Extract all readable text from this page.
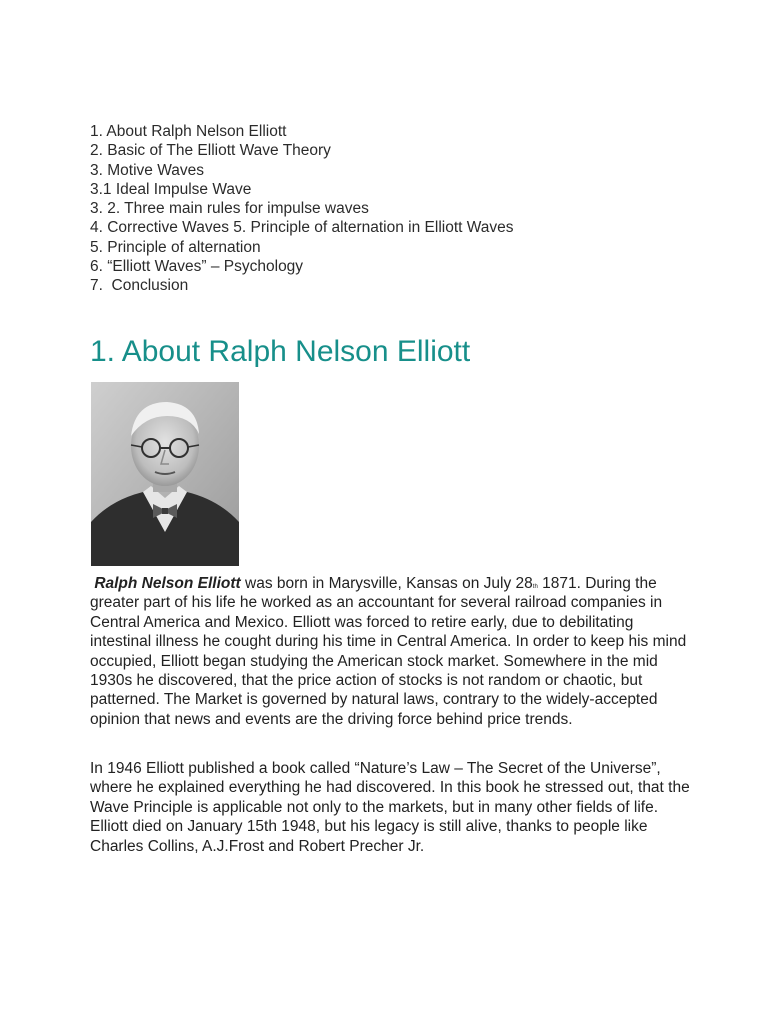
1. About Ralph Nelson Elliott
2. Basic of The Elliott Wave Theory
3. Motive Waves
3.1 Ideal Impulse Wave
3. 2. Three main rules for impulse waves
4. Corrective Waves 5. Principle of alternation in Elliott Waves
5. Principle of alternation
6. “Elliott Waves” – Psychology
7.  Conclusion
1. About Ralph Nelson Elliott

Ralph Nelson Elliott was born in Marysville, Kansas on July 28th 1871. During the greater part of his life he worked as an accountant for several railroad companies in Central America and Mexico. Elliott was forced to retire early, due to debilitating intestinal illness he cought during his time in Central America. In order to keep his mind occupied, Elliott began studying the American stock market. Somewhere in the mid 1930s he discovered, that the price action of stocks is not random or chaotic, but patterned. The Market is governed by natural laws, contrary to the widely-accepted opinion that news and events are the driving force behind price trends.

In 1946 Elliott published a book called “Nature’s Law – The Secret of the Universe”, where he explained everything he had discovered. In this book he stressed out, that the Wave Principle is applicable not only to the markets, but in many other fields of life. Elliott died on January 15th 1948, but his legacy is still alive, thanks to people like Charles Collins, A.J.Frost and Robert Precher Jr.
